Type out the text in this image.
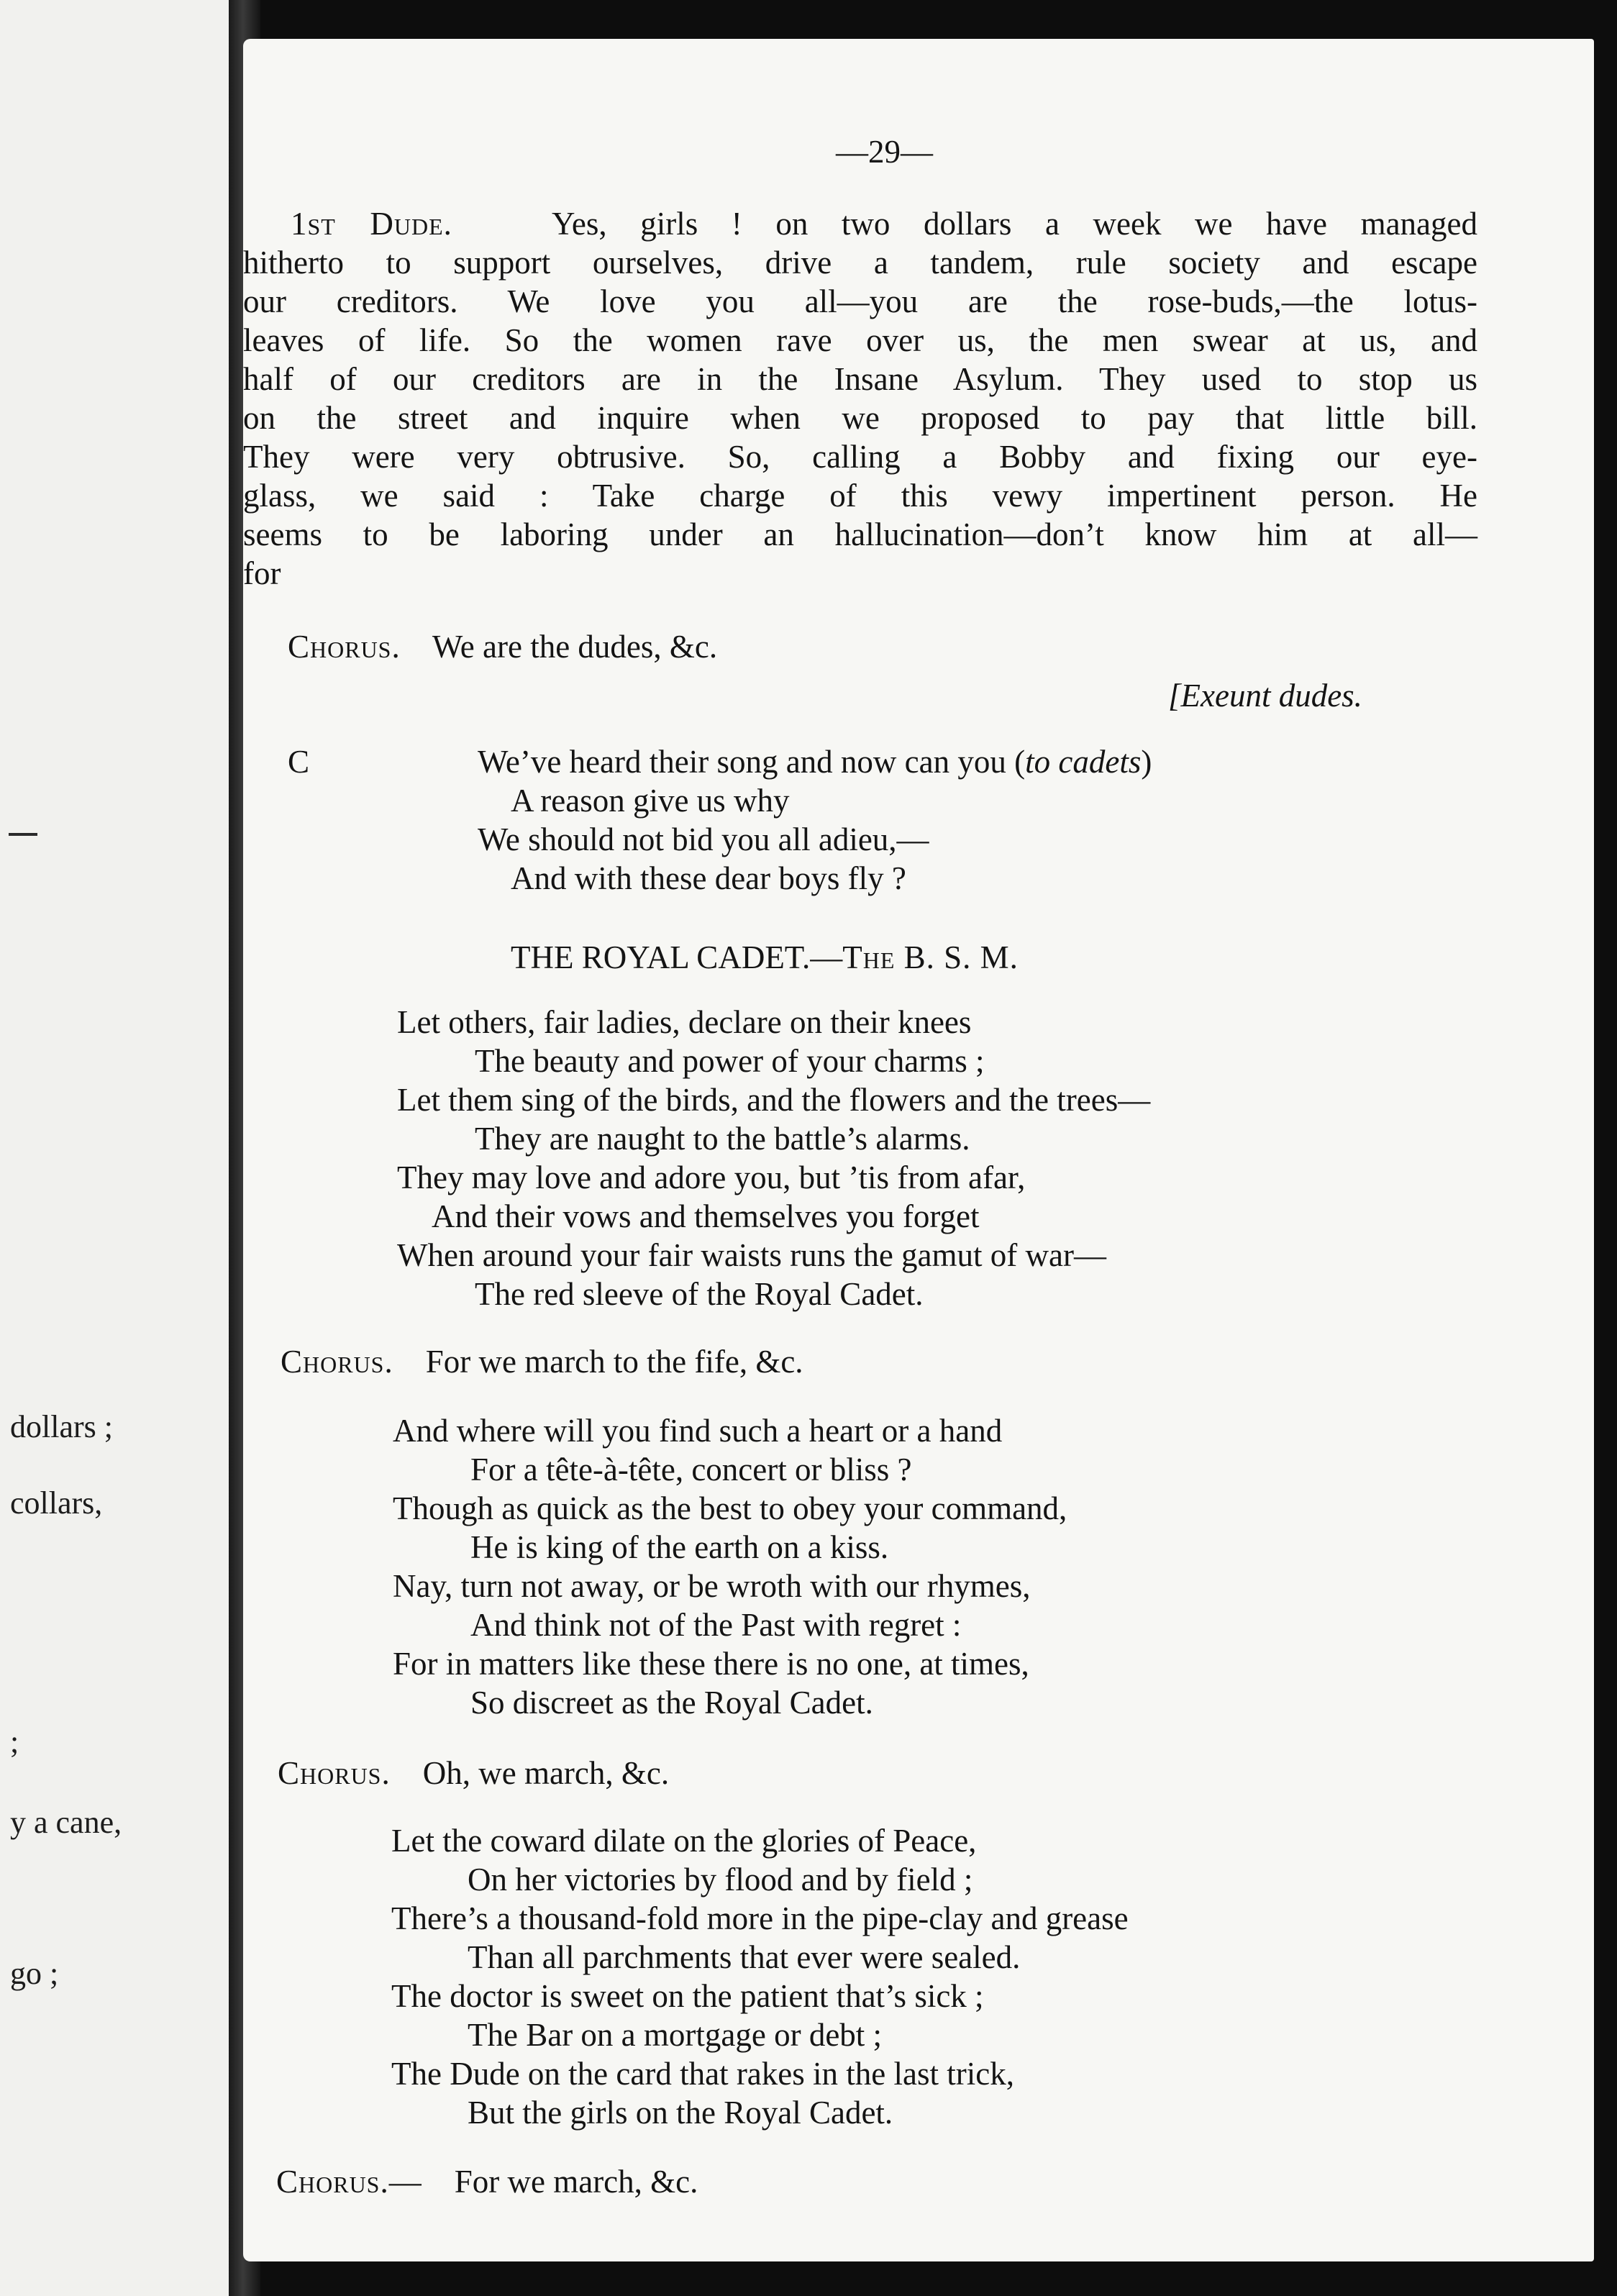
dollars ;
collars,
;
y a cane,
go ;
—29—
1st Dude.	Yes, girls ! on two dollars a week we have managed
hitherto to support ourselves, drive a tandem, rule society and escape
our creditors. We love you all—you are the rose-buds,—the lotus-
leaves of life. So the women rave over us, the men swear at us, and
half of our creditors are in the Insane Asylum. They used to stop us
on the street and inquire when we proposed to pay that little bill.
They were very obtrusive. So, calling a Bobby and fixing our eye-
glass, we said : Take charge of this vewy impertinent person. He
seems to be laboring under an hallucination—don’t know him at all—
for
Chorus. We are the dudes, &c.
[Exeunt dudes.
C	We’ve heard their song and now can you (to cadets)
A reason give us why
We should not bid you all adieu,—
And with these dear boys fly ?
THE ROYAL CADET.—The B. S. M.
Let others, fair ladies, declare on their knees
The beauty and power of your charms ;
Let them sing of the birds, and the flowers and the trees—
They are naught to the battle’s alarms.
They may love and adore you, but ’tis from afar,
And their vows and themselves you forget
When around your fair waists runs the gamut of war—
The red sleeve of the Royal Cadet.
Chorus. For we march to the fife, &c.
And where will you find such a heart or a hand
For a tête-à-tête, concert or bliss ?
Though as quick as the best to obey your command,
He is king of the earth on a kiss.
Nay, turn not away, or be wroth with our rhymes,
And think not of the Past with regret :
For in matters like these there is no one, at times,
So discreet as the Royal Cadet.
Chorus. Oh, we march, &c.
Let the coward dilate on the glories of Peace,
On her victories by flood and by field ;
There’s a thousand-fold more in the pipe-clay and grease
Than all parchments that ever were sealed.
The doctor is sweet on the patient that’s sick ;
The Bar on a mortgage or debt ;
The Dude on the card that rakes in the last trick,
But the girls on the Royal Cadet.
Chorus.— For we march, &c.
